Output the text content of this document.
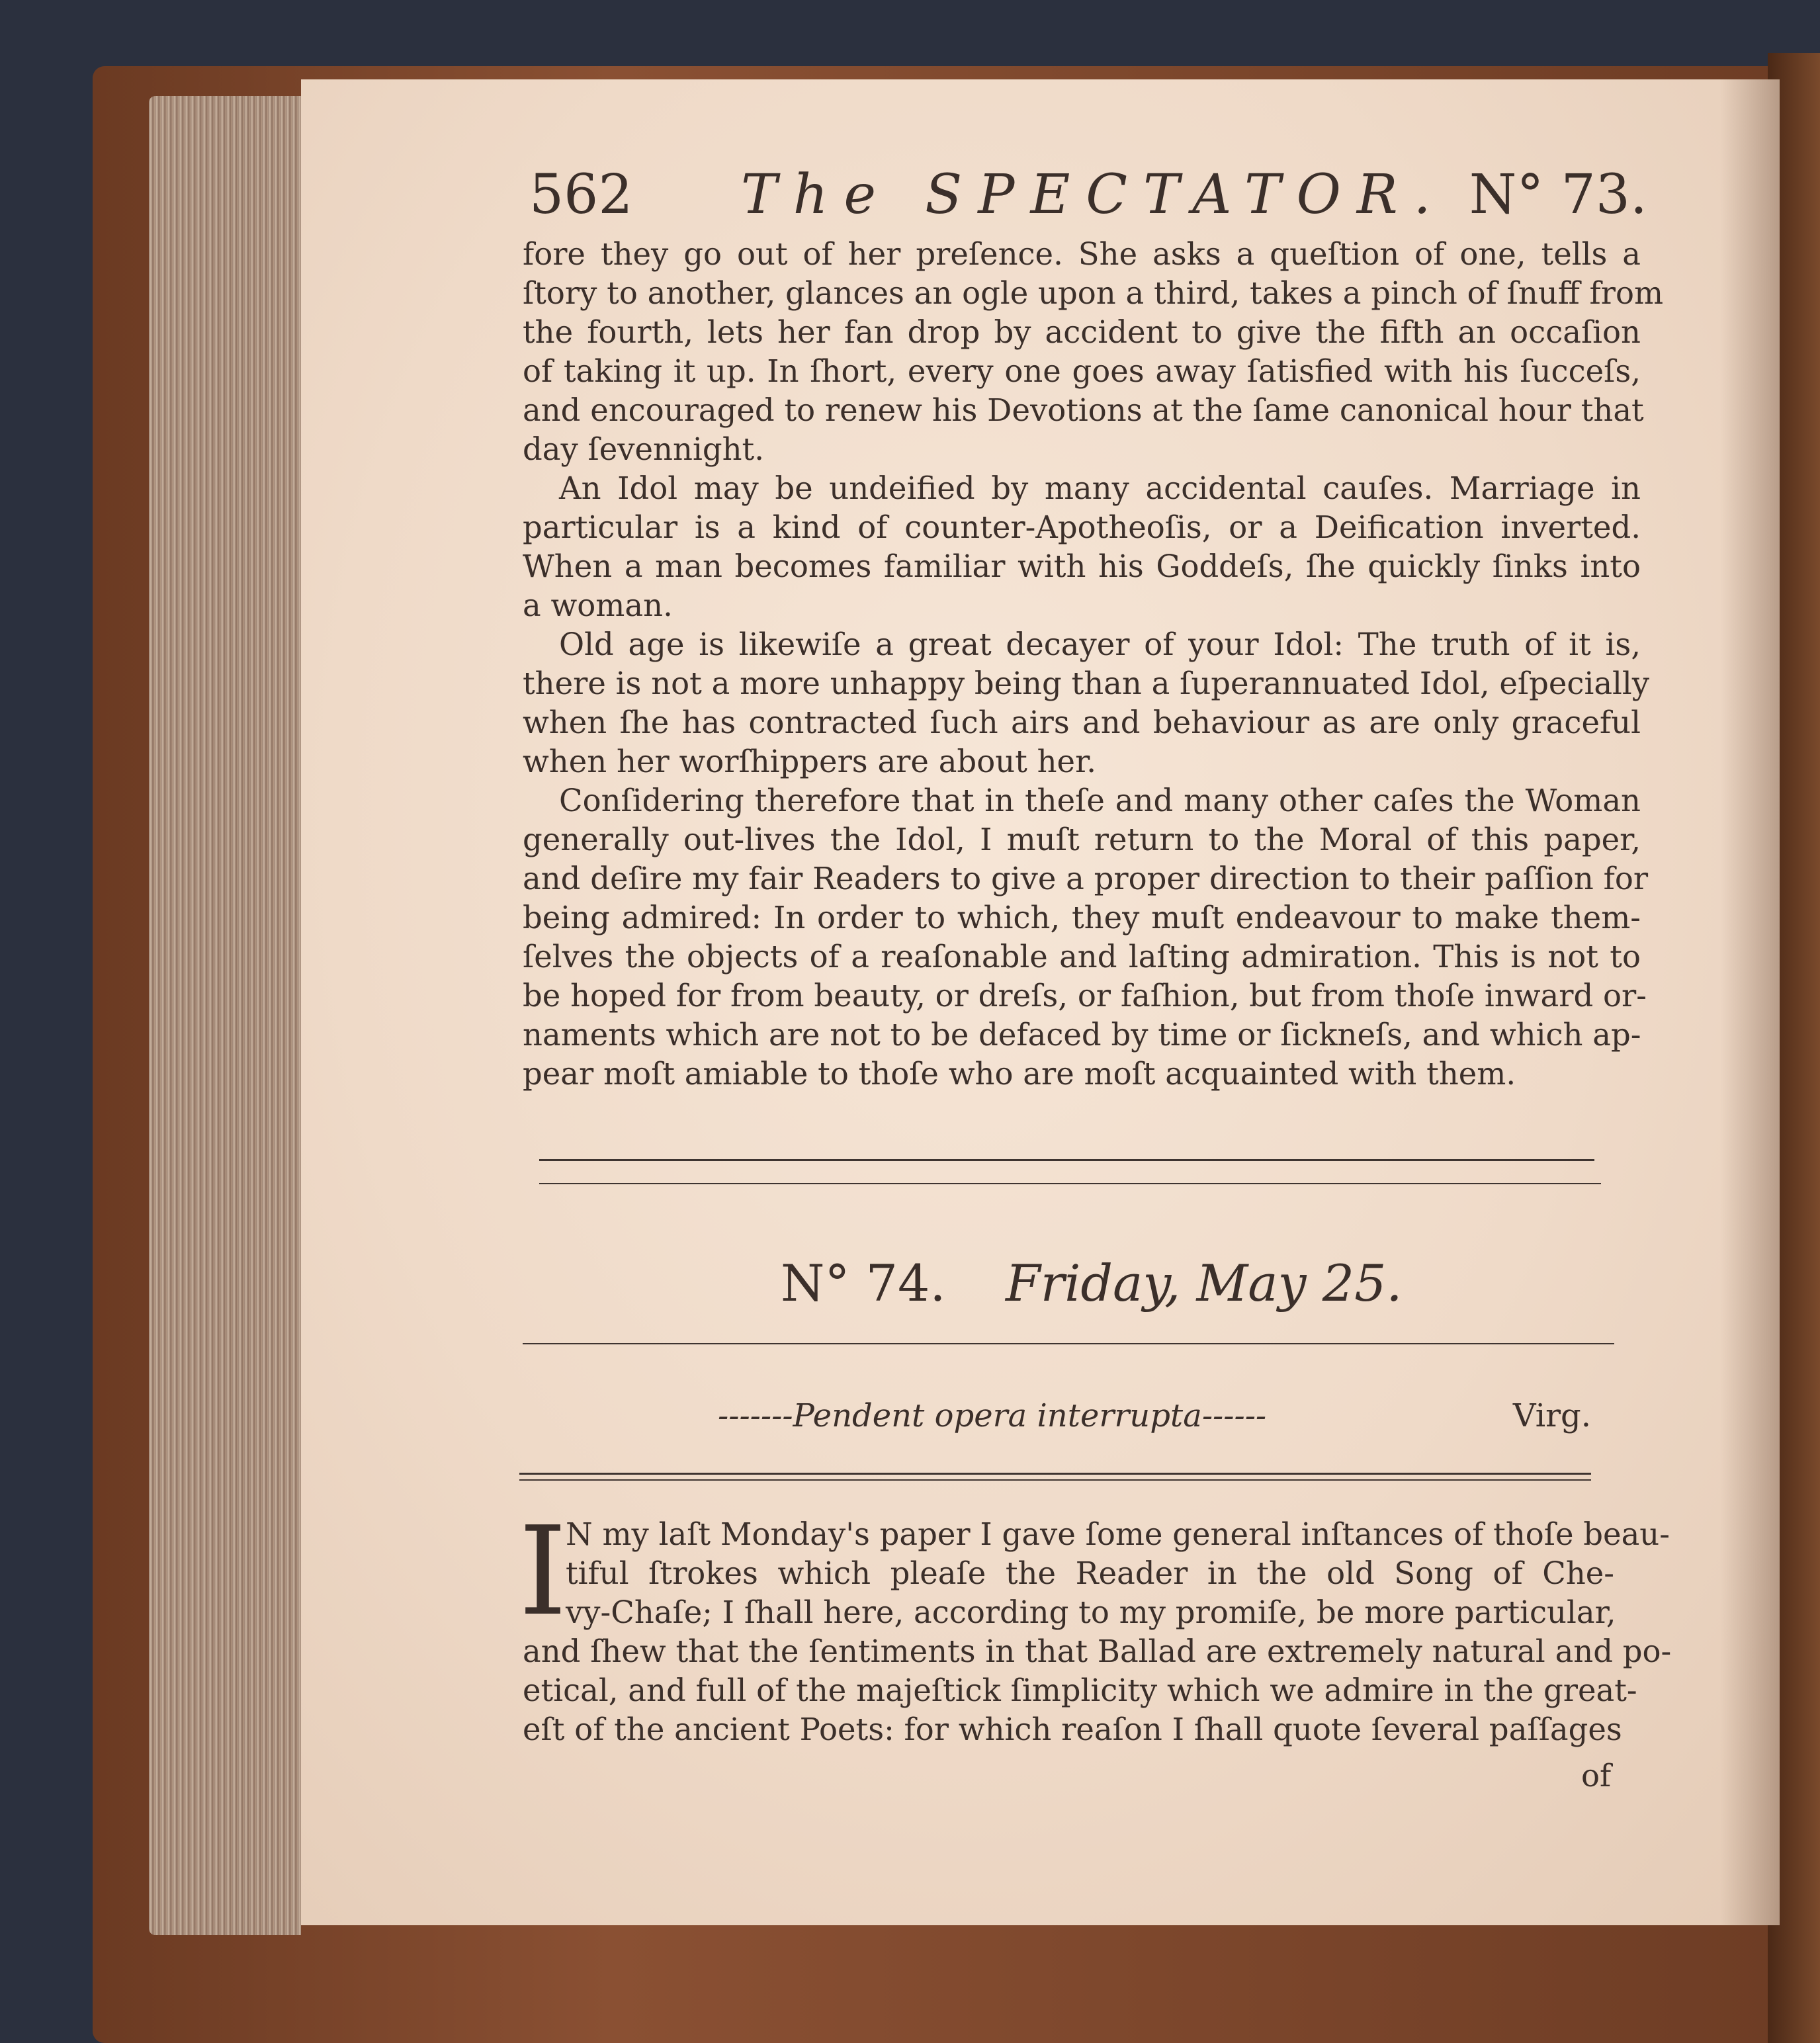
562 The SPECTATOR. N° 73.

fore they go out of her preſence. She asks a queſtion of one, tells a
ſtory to another, glances an ogle upon a third, takes a pinch of ſnuff from
the fourth, lets her fan drop by accident to give the fifth an occaſion
of taking it up. In ſhort, every one goes away ſatisfied with his ſucceſs,
and encouraged to renew his Devotions at the ſame canonical hour that
day ſevennight.

An Idol may be undeified by many accidental cauſes. Marriage in
particular is a kind of counter-Apotheoſis, or a Deification inverted.
When a man becomes familiar with his Goddeſs, ſhe quickly ſinks into
a woman.

Old age is likewiſe a great decayer of your Idol: The truth of it is,
there is not a more unhappy being than a ſuperannuated Idol, eſpecially
when ſhe has contracted ſuch airs and behaviour as are only graceful
when her worſhippers are about her.

Conſidering therefore that in theſe and many other caſes the Woman
generally out-lives the Idol, I muſt return to the Moral of this paper,
and deſire my fair Readers to give a proper direction to their paſſion for
being admired: In order to which, they muſt endeavour to make them-
ſelves the objects of a reaſonable and laſting admiration. This is not to
be hoped for from beauty, or dreſs, or faſhion, but from thoſe inward or-
naments which are not to be defaced by time or ſickneſs, and which ap-
pear moſt amiable to thoſe who are moſt acquainted with them.

N° 74. Friday, May 25.
-------Pendent opera interrupta------	Virg.
I
N my laſt Monday's paper I gave ſome general inſtances of thoſe beau-
tiful ſtrokes which pleaſe the Reader in the old Song of Che-
vy-Chaſe; I ſhall here, according to my promiſe, be more particular,
and ſhew that the ſentiments in that Ballad are extremely natural and po-
etical, and full of the majeſtick ſimplicity which we admire in the great-
eſt of the ancient Poets: for which reaſon I ſhall quote ſeveral paſſages
of
